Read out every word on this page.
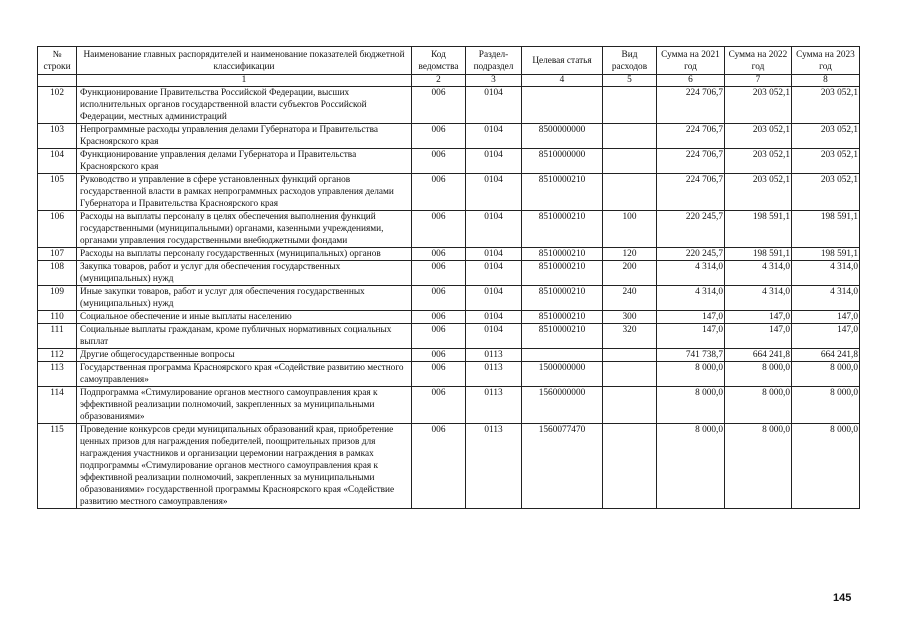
№ строки	Наименование главных распорядителей и наименование показателей бюджетной классификации	Код ведомства	Раздел-подраздел	Целевая статья	Вид расходов	Сумма на 2021 год	Сумма на 2022 год	Сумма на 2023 год
	1	2	3	4	5	6	7	8
102	Функционирование Правительства Российской Федерации, высших исполнительных органов государственной власти субъектов Российской Федерации, местных администраций	006	0104			224 706,7	203 052,1	203 052,1
103	Непрограммные расходы управления делами Губернатора и Правительства Красноярского края	006	0104	8500000000		224 706,7	203 052,1	203 052,1
104	Функционирование управления делами Губернатора и Правительства Красноярского края	006	0104	8510000000		224 706,7	203 052,1	203 052,1
105	Руководство и управление в сфере установленных функций органов государственной власти в рамках непрограммных расходов управления делами Губернатора и Правительства Красноярского края	006	0104	8510000210		224 706,7	203 052,1	203 052,1
106	Расходы на выплаты персоналу в целях обеспечения выполнения функций государственными (муниципальными) органами, казенными учреждениями, органами управления государственными внебюджетными фондами	006	0104	8510000210	100	220 245,7	198 591,1	198 591,1
107	Расходы на выплаты персоналу государственных (муниципальных) органов	006	0104	8510000210	120	220 245,7	198 591,1	198 591,1
108	Закупка товаров, работ и услуг для обеспечения государственных (муниципальных) нужд	006	0104	8510000210	200	4 314,0	4 314,0	4 314,0
109	Иные закупки товаров, работ и услуг для обеспечения государственных (муниципальных) нужд	006	0104	8510000210	240	4 314,0	4 314,0	4 314,0
110	Социальное обеспечение и иные выплаты населению	006	0104	8510000210	300	147,0	147,0	147,0
111	Социальные выплаты гражданам, кроме публичных нормативных социальных выплат	006	0104	8510000210	320	147,0	147,0	147,0
112	Другие общегосударственные вопросы	006	0113			741 738,7	664 241,8	664 241,8
113	Государственная программа Красноярского края «Содействие развитию местного самоуправления»	006	0113	1500000000		8 000,0	8 000,0	8 000,0
114	Подпрограмма «Стимулирование органов местного самоуправления края к эффективной реализации полномочий, закрепленных за муниципальными образованиями»	006	0113	1560000000		8 000,0	8 000,0	8 000,0
115	Проведение конкурсов среди муниципальных образований края, приобретение ценных призов для награждения победителей, поощрительных призов для награждения участников и организации церемонии награждения в рамках подпрограммы «Стимулирование органов местного самоуправления края к эффективной реализации полномочий, закрепленных за муниципальными образованиями» государственной программы Красноярского края «Содействие развитию местного самоуправления»	006	0113	1560077470		8 000,0	8 000,0	8 000,0
145
